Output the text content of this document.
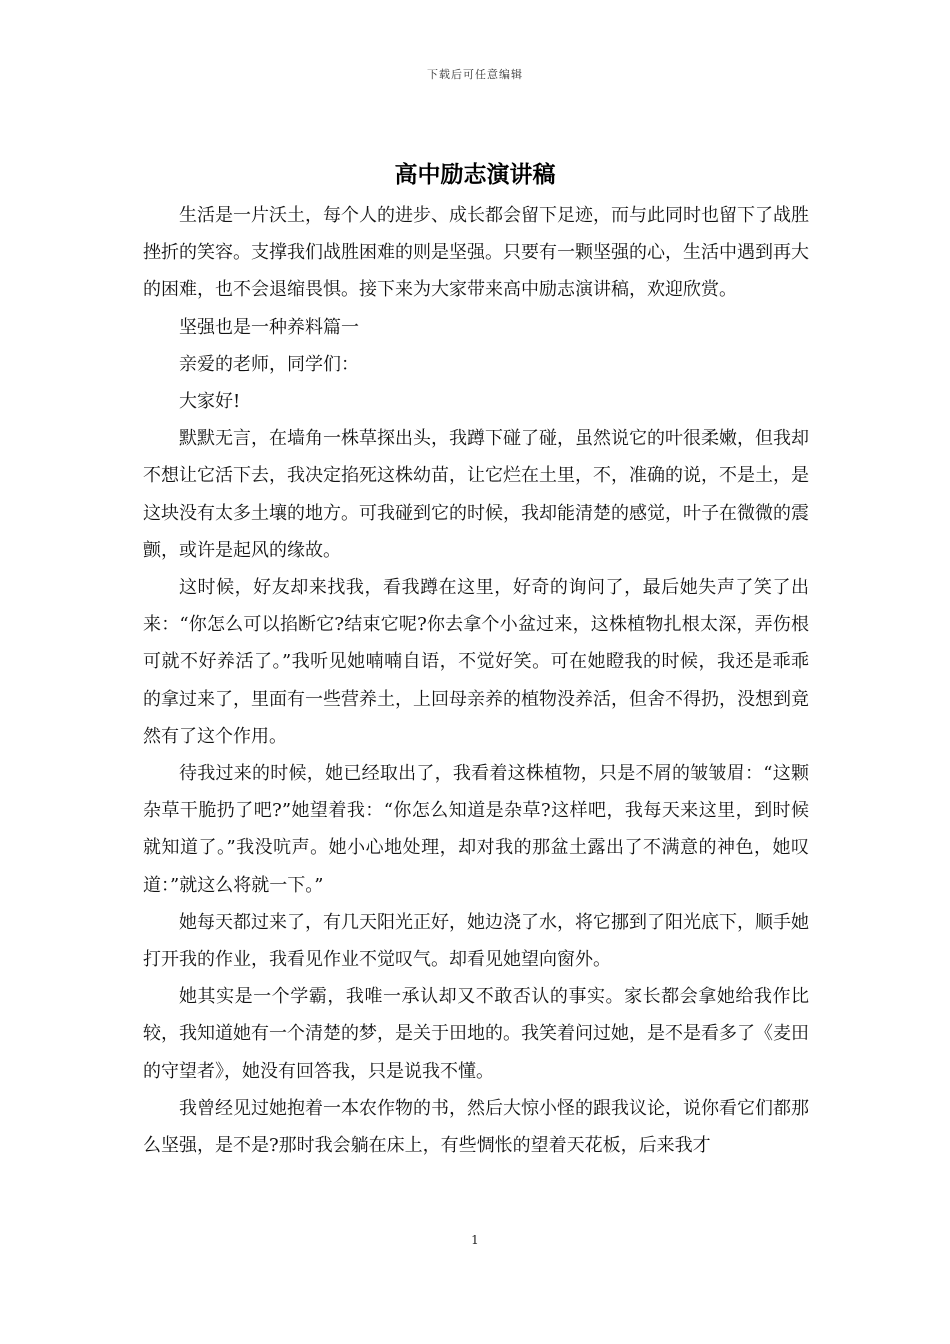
下载后可任意编辑
高中励志演讲稿

生活是一片沃土，每个人的进步、成长都会留下足迹，而与此同时也留下了战胜挫折的笑容。支撑我们战胜困难的则是坚强。只要有一颗坚强的心，生活中遇到再大的困难，也不会退缩畏惧。接下来为大家带来高中励志演讲稿，欢迎欣赏。

坚强也是一种养料篇一

亲爱的老师，同学们：

大家好!

默默无言，在墙角一株草探出头，我蹲下碰了碰，虽然说它的叶很柔嫩，但我却不想让它活下去，我决定掐死这株幼苗，让它烂在土里，不，准确的说，不是土，是这块没有太多土壤的地方。可我碰到它的时候，我却能清楚的感觉，叶子在微微的震颤，或许是起风的缘故。

这时候，好友却来找我，看我蹲在这里，好奇的询问了，最后她失声了笑了出来：“你怎么可以掐断它?结束它呢?你去拿个小盆过来，这株植物扎根太深，弄伤根可就不好养活了。”我听见她喃喃自语，不觉好笑。可在她瞪我的时候，我还是乖乖的拿过来了，里面有一些营养土，上回母亲养的植物没养活，但舍不得扔，没想到竟然有了这个作用。

待我过来的时候，她已经取出了，我看着这株植物，只是不屑的皱皱眉：“这颗杂草干脆扔了吧?”她望着我：“你怎么知道是杂草?这样吧，我每天来这里，到时候就知道了。”我没吭声。她小心地处理，却对我的那盆土露出了不满意的神色，她叹道：”就这么将就一下。”

她每天都过来了，有几天阳光正好，她边浇了水，将它挪到了阳光底下，顺手她打开我的作业，我看见作业不觉叹气。却看见她望向窗外。

她其实是一个学霸，我唯一承认却又不敢否认的事实。家长都会拿她给我作比较，我知道她有一个清楚的梦，是关于田地的。我笑着问过她，是不是看多了《麦田的守望者》，她没有回答我，只是说我不懂。

我曾经见过她抱着一本农作物的书，然后大惊小怪的跟我议论，说你看它们都那么坚强，是不是?那时我会躺在床上，有些惆怅的望着天花板，后来我才

1
